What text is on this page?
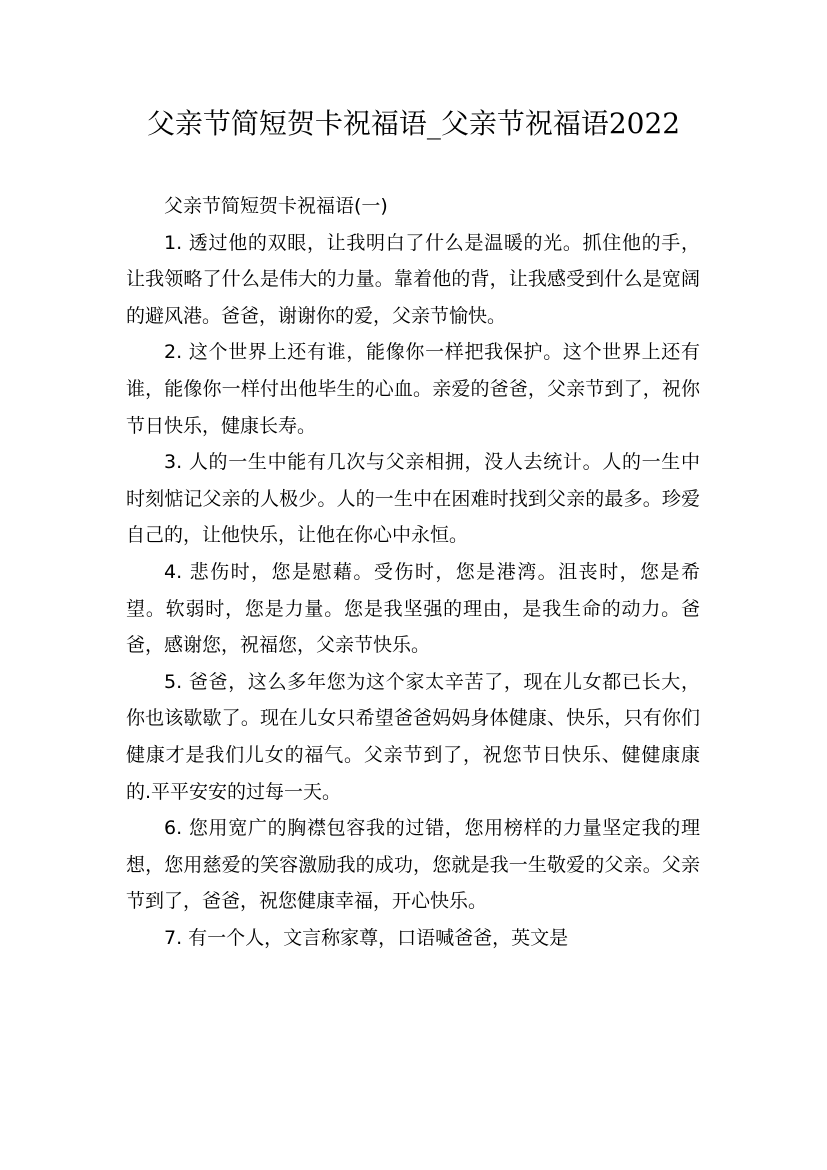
父亲节简短贺卡祝福语_父亲节祝福语2022

父亲节简短贺卡祝福语(一)

1. 透过他的双眼，让我明白了什么是温暖的光。抓住他的手，让我领略了什么是伟大的力量。靠着他的背，让我感受到什么是宽阔的避风港。爸爸，谢谢你的爱，父亲节愉快。

2. 这个世界上还有谁，能像你一样把我保护。这个世界上还有谁，能像你一样付出他毕生的心血。亲爱的爸爸，父亲节到了，祝你节日快乐，健康长寿。

3. 人的一生中能有几次与父亲相拥，没人去统计。人的一生中时刻惦记父亲的人极少。人的一生中在困难时找到父亲的最多。珍爱自己的，让他快乐，让他在你心中永恒。

4. 悲伤时，您是慰藉。受伤时，您是港湾。沮丧时，您是希望。软弱时，您是力量。您是我坚强的理由，是我生命的动力。爸爸，感谢您，祝福您，父亲节快乐。

5. 爸爸，这么多年您为这个家太辛苦了，现在儿女都已长大，你也该歇歇了。现在儿女只希望爸爸妈妈身体健康、快乐，只有你们健康才是我们儿女的福气。父亲节到了，祝您节日快乐、健健康康的.平平安安的过每一天。

6. 您用宽广的胸襟包容我的过错，您用榜样的力量坚定我的理想，您用慈爱的笑容激励我的成功，您就是我一生敬爱的父亲。父亲节到了，爸爸，祝您健康幸福，开心快乐。

7. 有一个人，文言称家尊，口语喊爸爸，英文是
